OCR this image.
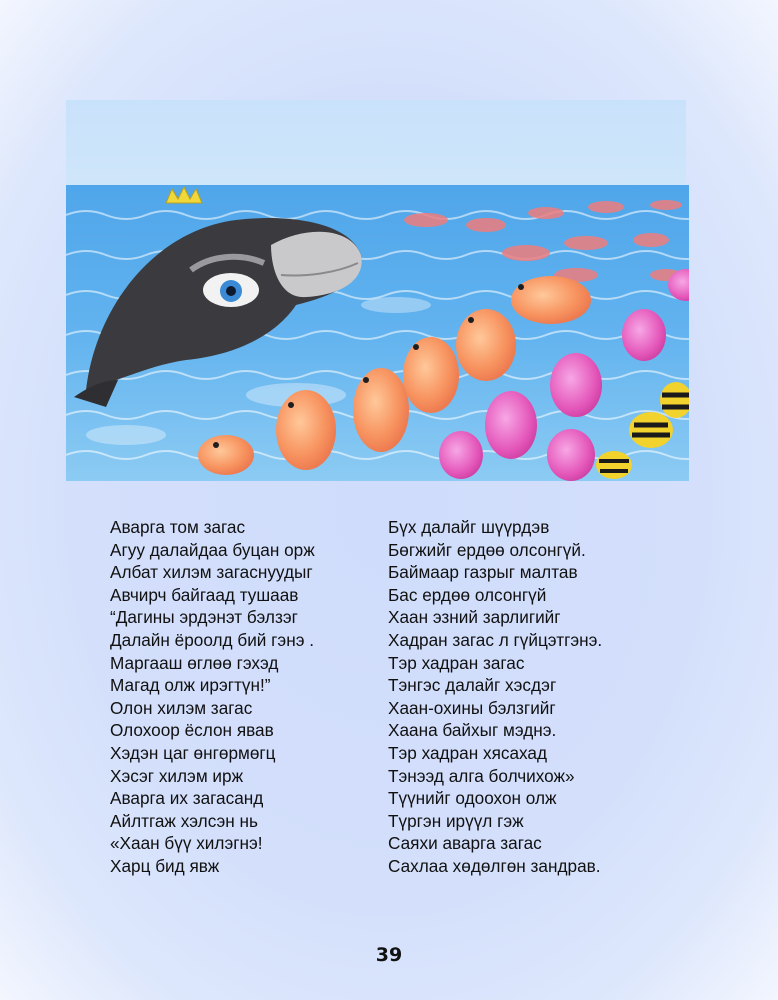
Аварга том загас
Агуу далайдаа буцан орж
Албат хилэм загаснуудыг
Авчирч байгаад тушаав
“Дагины эрдэнэт бэлзэг
Далайн ёроолд бий гэнэ .
Маргааш өглөө гэхэд
Магад олж ирэгтүн!”
Олон хилэм загас
Олохоор ёслон явав
Хэдэн цаг өнгөрмөгц
Хэсэг хилэм ирж
Аварга их загасанд
Айлтгаж хэлсэн нь
«Хаан бүү хилэгнэ!
Харц бид явж
Бүх далайг шүүрдэв
Бөгжийг ердөө олсонгүй.
Баймаар газрыг малтав
Бас ердөө олсонгүй
Хаан эзний зарлигийг
Хадран загас л гүйцэтгэнэ.
Тэр хадран загас
Тэнгэс далайг хэсдэг
Хаан-охины бэлзгийг
Хаана байхыг мэднэ.
Тэр хадран хясахад
Тэнээд алга болчихож»
Түүнийг одоохон олж
Түргэн ирүүл гэж
Саяхи аварга загас
Сахлаа хөдөлгөн зандрав.
39
